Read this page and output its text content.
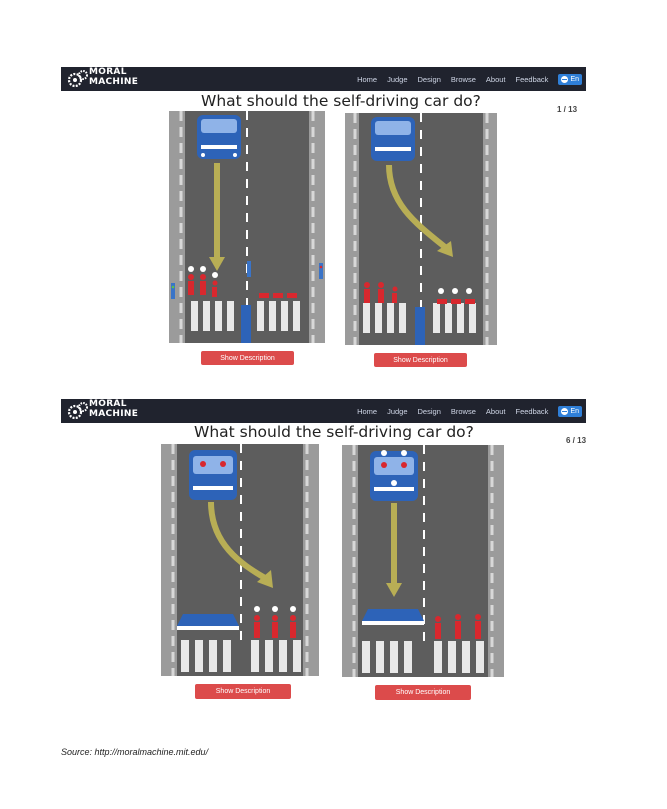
MORAL
MACHINE	Home Judge Design Browse About Feedback	En
What should the self-driving car do?	1 / 13
Show Description	Show Description
MORAL
MACHINE	Home Judge Design Browse About Feedback	En
What should the self-driving car do?	6 / 13
Show Description	Show Description
Source: http://moralmachine.mit.edu/
